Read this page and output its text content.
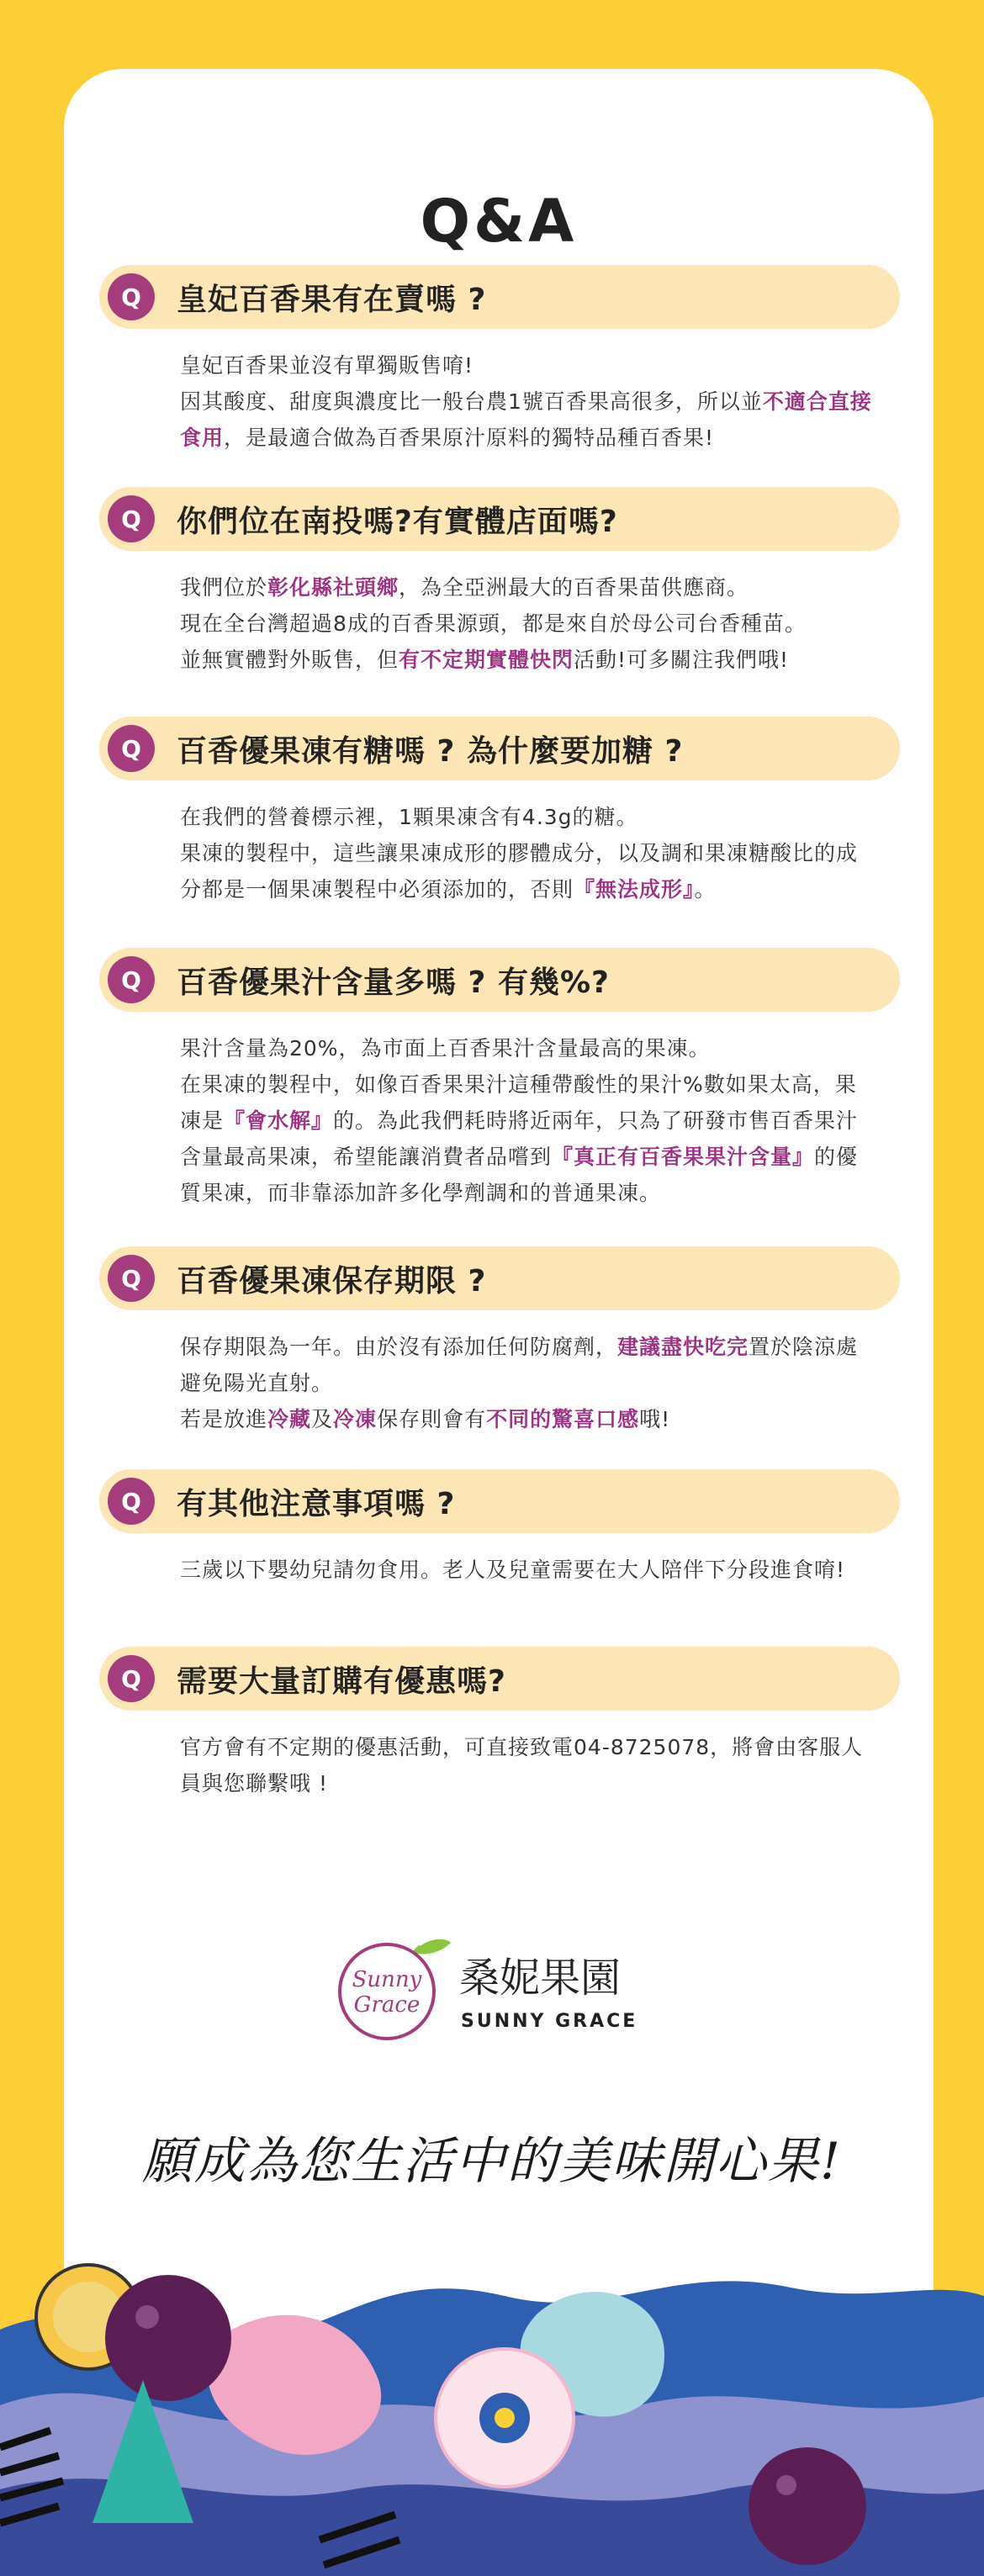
Q&A
Q	皇妃百香果有在賣嗎 ?
皇妃百香果並沒有單獨販售唷!
因其酸度、甜度與濃度比一般台農1號百香果高很多，所以並不適合直接食用，是最適合做為百香果原汁原料的獨特品種百香果!
Q	你們位在南投嗎?有實體店面嗎?
我們位於彰化縣社頭鄉，為全亞洲最大的百香果苗供應商。
現在全台灣超過8成的百香果源頭，都是來自於母公司台香種苗。
並無實體對外販售，但有不定期實體快閃活動!可多關注我們哦!
Q	百香優果凍有糖嗎 ? 為什麼要加糖 ?
在我們的營養標示裡，1顆果凍含有4.3g的糖。
果凍的製程中，這些讓果凍成形的膠體成分，以及調和果凍糖酸比的成分都是一個果凍製程中必須添加的，否則『無法成形』。
Q	百香優果汁含量多嗎 ? 有幾%?
果汁含量為20%，為市面上百香果汁含量最高的果凍。
在果凍的製程中，如像百香果果汁這種帶酸性的果汁%數如果太高，果凍是『會水解』的。為此我們耗時將近兩年，只為了研發市售百香果汁含量最高果凍，希望能讓消費者品嚐到『真正有百香果果汁含量』的優質果凍，而非靠添加許多化學劑調和的普通果凍。
Q	百香優果凍保存期限 ?
保存期限為一年。由於沒有添加任何防腐劑，建議盡快吃完置於陰涼處避免陽光直射。
若是放進冷藏及冷凍保存則會有不同的驚喜口感哦!
Q	有其他注意事項嗎 ?
三歲以下嬰幼兒請勿食用。老人及兒童需要在大人陪伴下分段進食唷!
Q	需要大量訂購有優惠嗎?
官方會有不定期的優惠活動，可直接致電04-8725078，將會由客服人員與您聯繫哦 !
Sunny
Grace
桑妮果園
SUNNY GRACE
願成為您生活中的美味開心果!
